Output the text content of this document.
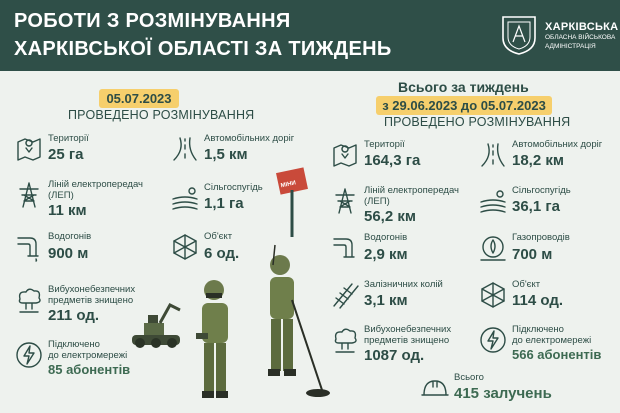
РОБОТИ З РОЗМІНУВАННЯ
ХАРКІВСЬКОЇ ОБЛАСТІ ЗА ТИЖДЕНЬ
ХАРКІВСЬКА
ОБЛАСНА ВІЙСЬКОВА
АДМІНІСТРАЦІЯ
05.07.2023
ПРОВЕДЕНО РОЗМІНУВАННЯ
Всього за тиждень
з 29.06.2023 до 05.07.2023
ПРОВЕДЕНО РОЗМІНУВАННЯ
Території
25 га
Автомобільних доріг
1,5 км
Ліній електропередач
(ЛЕП)
11 км
Сільгоспугідь
1,1 га
Водогонів
900 м
Об'єкт
6 од.
Вибухонебезпечних
предметів знищено
211 од.
Підключено
до електромережі
85 абонентів
МІНИ
Території
164,3 га
Автомобільних доріг
18,2 км
Ліній електропередач
(ЛЕП)
56,2 км
Сільгоспугідь
36,1 га
Водогонів
2,9 км
Газопроводів
700 м
Залізничних колій
3,1 км
Об'єкт
114 од.
Вибухонебезпечних
предметів знищено
1087 од.
Підключено
до електромережі
566 абонентів
Всього
415 залучень
